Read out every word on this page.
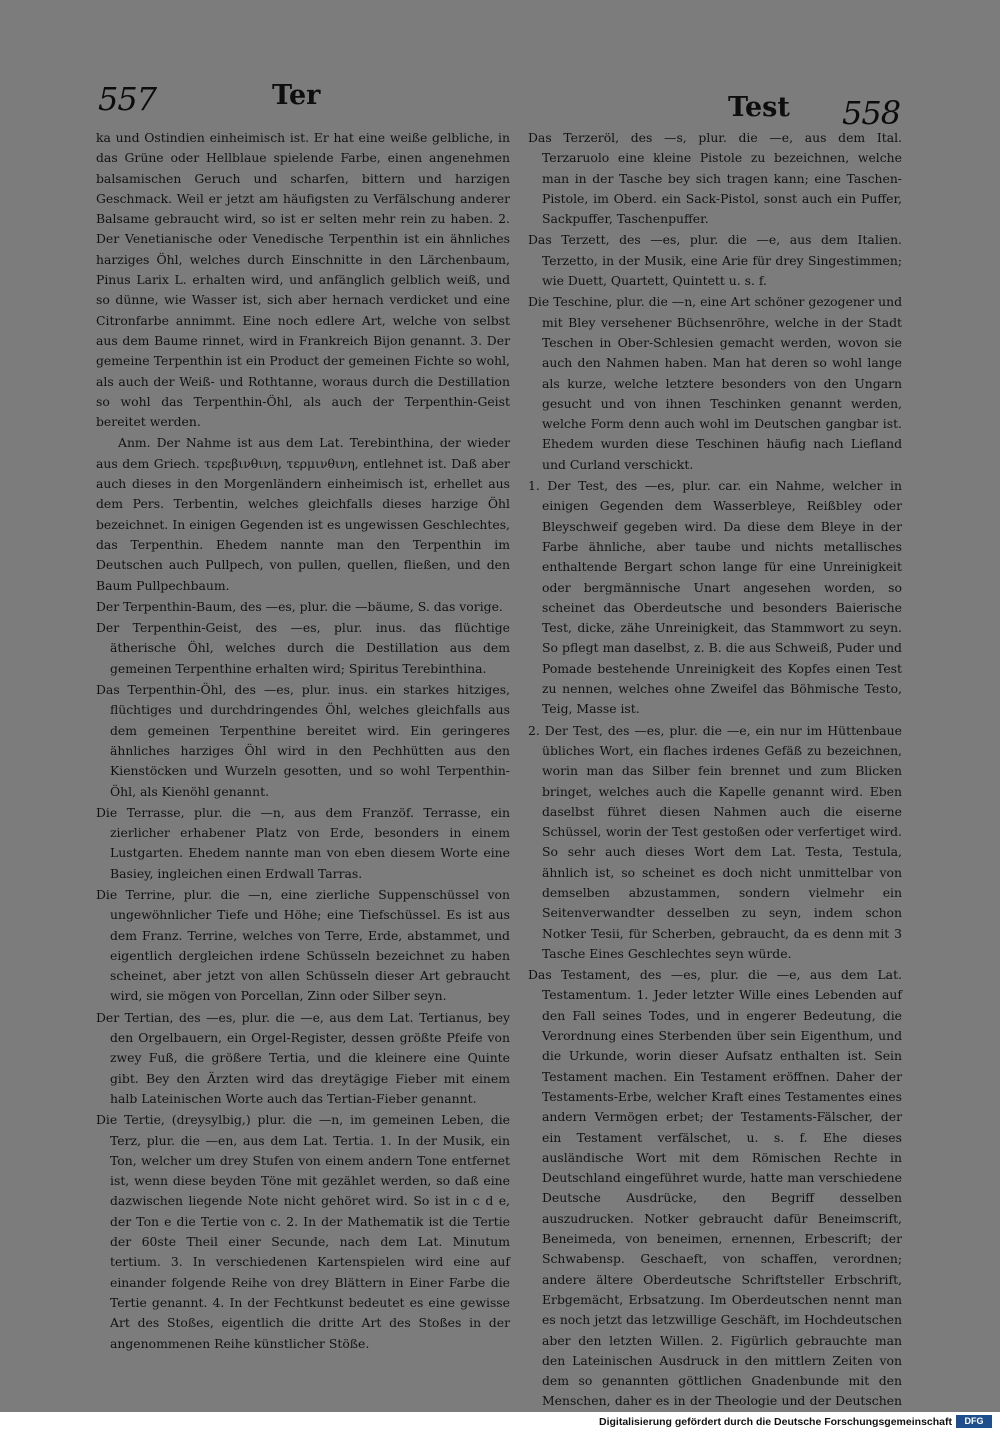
557	Ter	Test 558

ka und Ostindien einheimisch ist. Er hat eine weiße gelbliche, in das Grüne oder Hellblaue spielende Farbe, einen angenehmen balsamischen Geruch und scharfen, bittern und harzigen Geschmack. Weil er jetzt am häufigsten zu Verfälschung anderer Balsame gebraucht wird, so ist er selten mehr rein zu haben. 2. Der Venetianische oder Venedische Terpenthin ist ein ähnliches harziges Öhl, welches durch Einschnitte in den Lärchenbaum, Pinus Larix L. erhalten wird, und anfänglich gelblich weiß, und so dünne, wie Wasser ist, sich aber hernach verdicket und eine Citronfarbe annimmt. Eine noch edlere Art, welche von selbst aus dem Baume rinnet, wird in Frankreich Bijon genannt. 3. Der gemeine Terpenthin ist ein Product der gemeinen Fichte so wohl, als auch der Weiß- und Rothtanne, woraus durch die Destillation so wohl das Terpenthin-Öhl, als auch der Terpenthin-Geist bereitet werden.

Anm. Der Nahme ist aus dem Lat. Terebinthina, der wieder aus dem Griech. τερεβινθινη, τερμινθινη, entlehnet ist. Daß aber auch dieses in den Morgenländern einheimisch ist, erhellet aus dem Pers. Terbentin, welches gleichfalls dieses harzige Öhl bezeichnet. In einigen Gegenden ist es ungewissen Geschlechtes, das Terpenthin. Ehedem nannte man den Terpenthin im Deutschen auch Pullpech, von pullen, quellen, fließen, und den Baum Pullpechbaum.

Der Terpenthin-Baum, des —es, plur. die —bäume, S. das vorige.

Der Terpenthin-Geist, des —es, plur. inus. das flüchtige ätherische Öhl, welches durch die Destillation aus dem gemeinen Terpenthine erhalten wird; Spiritus Terebinthina.

Das Terpenthin-Öhl, des —es, plur. inus. ein starkes hitziges, flüchtiges und durchdringendes Öhl, welches gleichfalls aus dem gemeinen Terpenthine bereitet wird. Ein geringeres ähnliches harziges Öhl wird in den Pechhütten aus den Kienstöcken und Wurzeln gesotten, und so wohl Terpenthin-Öhl, als Kienöhl genannt.

Die Terrasse, plur. die —n, aus dem Franzöf. Terrasse, ein zierlicher erhabener Platz von Erde, besonders in einem Lustgarten. Ehedem nannte man von eben diesem Worte eine Basiey, ingleichen einen Erdwall Tarras.

Die Terrine, plur. die —n, eine zierliche Suppenschüssel von ungewöhnlicher Tiefe und Höhe; eine Tiefschüssel. Es ist aus dem Franz. Terrine, welches von Terre, Erde, abstammet, und eigentlich dergleichen irdene Schüsseln bezeichnet zu haben scheinet, aber jetzt von allen Schüsseln dieser Art gebraucht wird, sie mögen von Porcellan, Zinn oder Silber seyn.

Der Tertian, des —es, plur. die —e, aus dem Lat. Tertianus, bey den Orgelbauern, ein Orgel-Register, dessen größte Pfeife von zwey Fuß, die größere Tertia, und die kleinere eine Quinte gibt. Bey den Ärzten wird das dreytägige Fieber mit einem halb Lateinischen Worte auch das Tertian-Fieber genannt.

Die Tertie, (dreysylbig,) plur. die —n, im gemeinen Leben, die Terz, plur. die —en, aus dem Lat. Tertia. 1. In der Musik, ein Ton, welcher um drey Stufen von einem andern Tone entfernet ist, wenn diese beyden Töne mit gezählet werden, so daß eine dazwischen liegende Note nicht gehöret wird. So ist in c d e, der Ton e die Tertie von c. 2. In der Mathematik ist die Tertie der 60ste Theil einer Secunde, nach dem Lat. Minutum tertium. 3. In verschiedenen Kartenspielen wird eine auf einander folgende Reihe von drey Blättern in Einer Farbe die Tertie genannt. 4. In der Fechtkunst bedeutet es eine gewisse Art des Stoßes, eigentlich die dritte Art des Stoßes in der angenommenen Reihe künstlicher Stöße.

Das Terzeröl, des —s, plur. die —e, aus dem Ital. Terzaruolo eine kleine Pistole zu bezeichnen, welche man in der Tasche bey sich tragen kann; eine Taschen-Pistole, im Oberd. ein Sack-Pistol, sonst auch ein Puffer, Sackpuffer, Taschenpuffer.

Das Terzett, des —es, plur. die —e, aus dem Italien. Terzetto, in der Musik, eine Arie für drey Singestimmen; wie Duett, Quartett, Quintett u. s. f.

Die Teschine, plur. die —n, eine Art schöner gezogener und mit Bley versehener Büchsenröhre, welche in der Stadt Teschen in Ober-Schlesien gemacht werden, wovon sie auch den Nahmen haben. Man hat deren so wohl lange als kurze, welche letztere besonders von den Ungarn gesucht und von ihnen Teschinken genannt werden, welche Form denn auch wohl im Deutschen gangbar ist. Ehedem wurden diese Teschinen häufig nach Liefland und Curland verschickt.

1. Der Test, des —es, plur. car. ein Nahme, welcher in einigen Gegenden dem Wasserbleye, Reißbley oder Bleyschweif gegeben wird. Da diese dem Bleye in der Farbe ähnliche, aber taube und nichts metallisches enthaltende Bergart schon lange für eine Unreinigkeit oder bergmännische Unart angesehen worden, so scheinet das Oberdeutsche und besonders Baierische Test, dicke, zähe Unreinigkeit, das Stammwort zu seyn. So pflegt man daselbst, z. B. die aus Schweiß, Puder und Pomade bestehende Unreinigkeit des Kopfes einen Test zu nennen, welches ohne Zweifel das Böhmische Testo, Teig, Masse ist.

2. Der Test, des —es, plur. die —e, ein nur im Hüttenbaue übliches Wort, ein flaches irdenes Gefäß zu bezeichnen, worin man das Silber fein brennet und zum Blicken bringet, welches auch die Kapelle genannt wird. Eben daselbst führet diesen Nahmen auch die eiserne Schüssel, worin der Test gestoßen oder verfertiget wird. So sehr auch dieses Wort dem Lat. Testa, Testula, ähnlich ist, so scheinet es doch nicht unmittelbar von demselben abzustammen, sondern vielmehr ein Seitenverwandter desselben zu seyn, indem schon Notker Tesii, für Scherben, gebraucht, da es denn mit 3 Tasche Eines Geschlechtes seyn würde.

Das Testament, des —es, plur. die —e, aus dem Lat. Testamentum. 1. Jeder letzter Wille eines Lebenden auf den Fall seines Todes, und in engerer Bedeutung, die Verordnung eines Sterbenden über sein Eigenthum, und die Urkunde, worin dieser Aufsatz enthalten ist. Sein Testament machen. Ein Testament eröffnen. Daher der Testaments-Erbe, welcher Kraft eines Testamentes eines andern Vermögen erbet; der Testaments-Fälscher, der ein Testament verfälschet, u. s. f. Ehe dieses ausländische Wort mit dem Römischen Rechte in Deutschland eingeführet wurde, hatte man verschiedene Deutsche Ausdrücke, den Begriff desselben auszudrucken. Notker gebraucht dafür Beneimscrift, Beneimeda, von beneimen, ernennen, Erbescrift; der Schwabensp. Geschaeft, von schaffen, verordnen; andere ältere Oberdeutsche Schriftsteller Erbschrift, Erbgemächt, Erbsatzung. Im Oberdeutschen nennt man es noch jetzt das letzwillige Geschäft, im Hochdeutschen aber den letzten Willen. 2. Figürlich gebrauchte man den Lateinischen Ausdruck in den mittlern Zeiten von dem so genannten göttlichen Gnadenbunde mit den Menschen, daher es in der Theologie und der Deutschen

Digitalisierung gefördert durch die Deutsche Forschungsgemeinschaft	DFG
